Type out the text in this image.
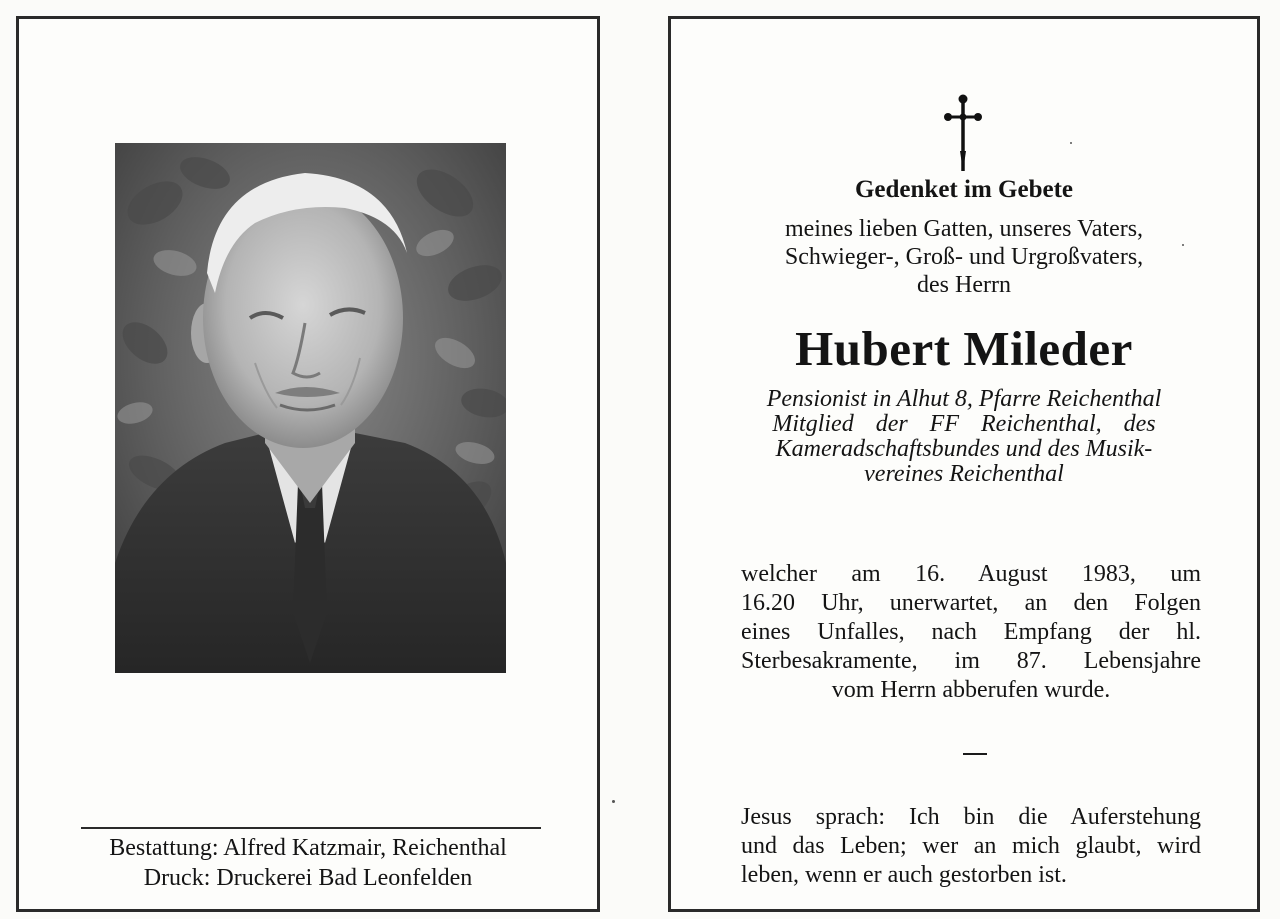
Bestattung: Alfred Katzmair, Reichenthal
Druck: Druckerei Bad Leonfelden
Gedenket im Gebete
meines lieben Gatten, unseres Vaters,
Schwieger-, Groß- und Urgroßvaters,
des Herrn
Hubert Mileder
Pensionist in Alhut 8, Pfarre Reichenthal
Mitglied der FF Reichenthal, des
Kameradschaftsbundes und des Musik-
vereines Reichenthal
welcher am 16. August 1983, um
16.20 Uhr, unerwartet, an den Folgen
eines Unfalles, nach Empfang der hl.
Sterbesakramente, im 87. Lebensjahre
vom Herrn abberufen wurde.
Jesus sprach: Ich bin die Auferstehung
und das Leben; wer an mich glaubt, wird
leben, wenn er auch gestorben ist.
